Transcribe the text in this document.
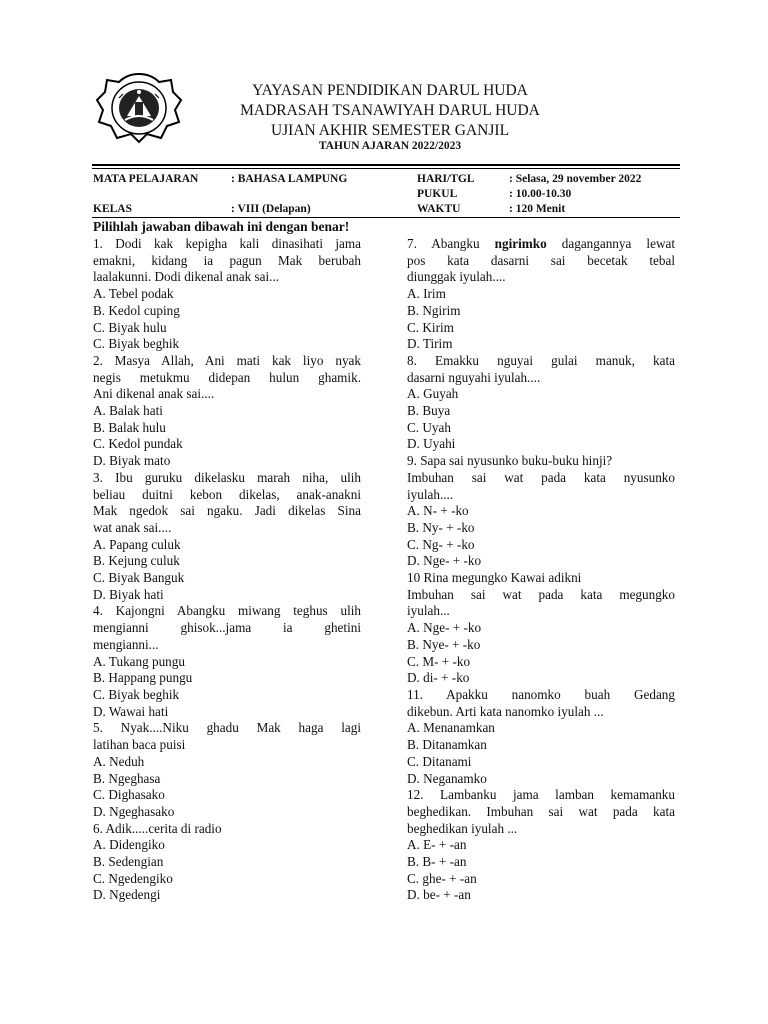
YAYASAN PENDIDIKAN DARUL HUDA
MADRASAH TSANAWIYAH DARUL HUDA
UJIAN AKHIR SEMESTER GANJIL
TAHUN AJARAN 2022/2023
MATA PELAJARAN	: BAHASA LAMPUNG
KELAS	: VIII (Delapan)
HARI/TGL	: Selasa, 29 november 2022
PUKUL	: 10.00-10.30
WAKTU	: 120 Menit
Pilihlah jawaban dibawah ini dengan benar!
1. Dodi kak kepigha kali dinasihati jama
emakni, kidang ia pagun Mak berubah
laalakunni. Dodi dikenal anak sai...
A. Tebel podak
B. Kedol cuping
C. Biyak hulu
C. Biyak beghik
2. Masya Allah, Ani mati kak liyo nyak
negis metukmu didepan hulun ghamik.
Ani dikenal anak sai....
A. Balak hati
B. Balak hulu
C. Kedol pundak
D. Biyak mato
3. Ibu guruku dikelasku marah niha, ulih
beliau duitni kebon dikelas, anak-anakni
Mak ngedok sai ngaku. Jadi dikelas Sina
wat anak sai....
A. Papang culuk
B. Kejung culuk
C. Biyak Banguk
D. Biyak hati
4. Kajongni Abangku miwang teghus ulih
mengianni ghisok...jama ia ghetini
mengianni...
A. Tukang pungu
B. Happang pungu
C. Biyak beghik
D. Wawai hati
5. Nyak....Niku ghadu Mak haga lagi
latihan baca puisi
A. Neduh
B. Ngeghasa
C. Dighasako
D. Ngeghasako
6. Adik.....cerita di radio
A. Didengiko
B. Sedengian
C. Ngedengiko
D. Ngedengi
7. Abangku ngirimko dagangannya lewat
pos kata dasarni sai becetak tebal
diunggak iyulah....
A. Irim
B. Ngirim
C. Kirim
D. Tirim
8. Emakku nguyai gulai manuk, kata
dasarni nguyahi iyulah....
A. Guyah
B. Buya
C. Uyah
D. Uyahi
9. Sapa sai nyusunko buku-buku hinji?
Imbuhan sai wat pada kata nyusunko
iyulah....
A. N- + -ko
B. Ny- + -ko
C. Ng- + -ko
D. Nge- + -ko
10 Rina megungko Kawai adikni
Imbuhan sai wat pada kata megungko
iyulah...
A. Nge- + -ko
B. Nye- + -ko
C. M- + -ko
D. di- + -ko
11. Apakku nanomko buah Gedang
dikebun. Arti kata nanomko iyulah ...
A. Menanamkan
B. Ditanamkan
C. Ditanami
D. Neganamko
12. Lambanku jama lamban kemamanku
beghedikan. Imbuhan sai wat pada kata
beghedikan iyulah ...
A. E- + -an
B. B- + -an
C. ghe- + -an
D. be- + -an
